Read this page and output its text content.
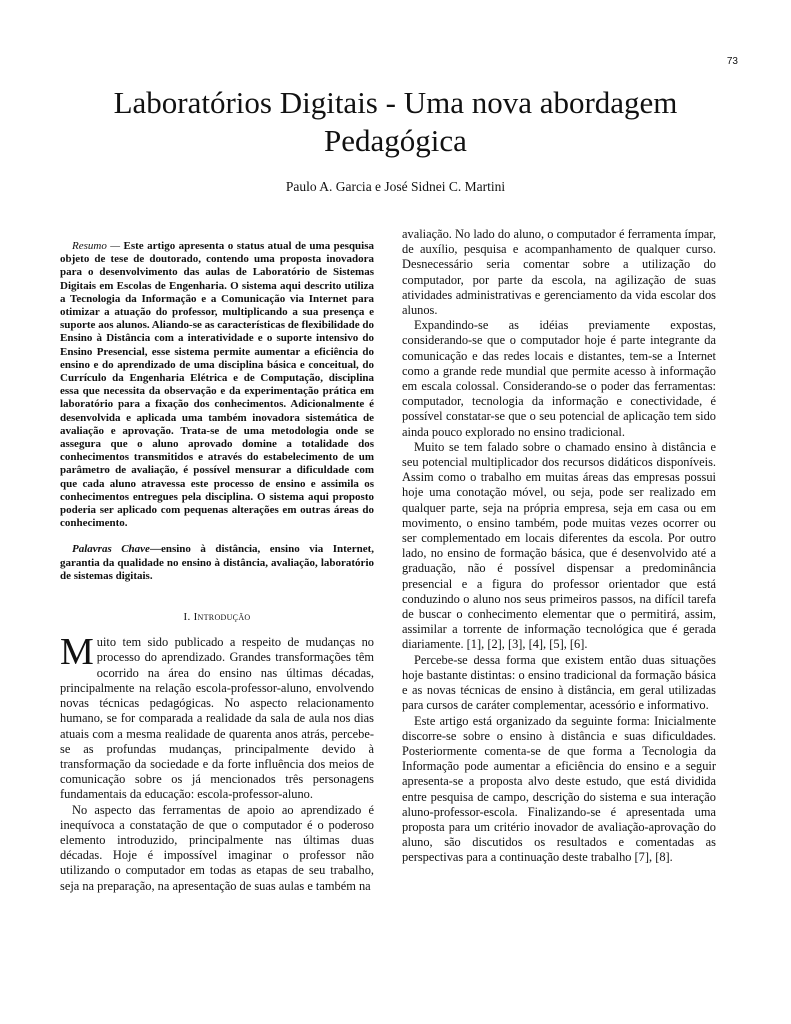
73
Laboratórios Digitais - Uma nova abordagem
Pedagógica
Paulo A. Garcia e José Sidnei C. Martini

Resumo — Este artigo apresenta o status atual de uma pesquisa objeto de tese de doutorado, contendo uma proposta inovadora para o desenvolvimento das aulas de Laboratório de Sistemas Digitais em Escolas de Engenharia. O sistema aqui descrito utiliza a Tecnologia da Informação e a Comunicação via Internet para otimizar a atuação do professor, multiplicando a sua presença e suporte aos alunos. Aliando-se as características de flexibilidade do Ensino à Distância com a interatividade e o suporte intensivo do Ensino Presencial, esse sistema permite aumentar a eficiência do ensino e do aprendizado de uma disciplina básica e conceitual, do Currículo da Engenharia Elétrica e de Computação, disciplina essa que necessita da observação e da experimentação prática em laboratório para a fixação dos conhecimentos. Adicionalmente é desenvolvida e aplicada uma também inovadora sistemática de avaliação e aprovação. Trata-se de uma metodologia onde se assegura que o aluno aprovado domine a totalidade dos conhecimentos transmitidos e através do estabelecimento de um parâmetro de avaliação, é possível mensurar a dificuldade com que cada aluno atravessa este processo de ensino e assimila os conhecimentos entregues pela disciplina. O sistema aqui proposto poderia ser aplicado com pequenas alterações em outras áreas do conhecimento.

Palavras Chave—ensino à distância, ensino via Internet, garantia da qualidade no ensino à distância, avaliação, laboratório de sistemas digitais.

I. Introdução

Muito tem sido publicado a respeito de mudanças no processo do aprendizado. Grandes transformações têm ocorrido na área do ensino nas últimas décadas, principalmente na relação escola-professor-aluno, envolvendo novas técnicas pedagógicas. No aspecto relacionamento humano, se for comparada a realidade da sala de aula nos dias atuais com a mesma realidade de quarenta anos atrás, percebe-se as profundas mudanças, principalmente devido à transformação da sociedade e da forte influência dos meios de comunicação sobre os já mencionados três personagens fundamentais da educação: escola-professor-aluno.

No aspecto das ferramentas de apoio ao aprendizado é inequívoca a constatação de que o computador é o poderoso elemento introduzido, principalmente nas últimas duas décadas. Hoje é impossível imaginar o professor não utilizando o computador em todas as etapas de seu trabalho, seja na preparação, na apresentação de suas aulas e também na

avaliação. No lado do aluno, o computador é ferramenta ímpar, de auxílio, pesquisa e acompanhamento de qualquer curso. Desnecessário seria comentar sobre a utilização do computador, por parte da escola, na agilização de suas atividades administrativas e gerenciamento da vida escolar dos alunos.

Expandindo-se as idéias previamente expostas, considerando-se que o computador hoje é parte integrante da comunicação e das redes locais e distantes, tem-se a Internet como a grande rede mundial que permite acesso à informação em escala colossal. Considerando-se o poder das ferramentas: computador, tecnologia da informação e conectividade, é possível constatar-se que o seu potencial de aplicação tem sido ainda pouco explorado no ensino tradicional.

Muito se tem falado sobre o chamado ensino à distância e seu potencial multiplicador dos recursos didáticos disponíveis. Assim como o trabalho em muitas áreas das empresas possui hoje uma conotação móvel, ou seja, pode ser realizado em qualquer parte, seja na própria empresa, seja em casa ou em movimento, o ensino também, pode muitas vezes ocorrer ou ser complementado em locais diferentes da escola. Por outro lado, no ensino de formação básica, que é desenvolvido até a graduação, não é possível dispensar a predominância presencial e a figura do professor orientador que está conduzindo o aluno nos seus primeiros passos, na difícil tarefa de buscar o conhecimento elementar que o permitirá, assim, assimilar a torrente de informação tecnológica que é gerada diariamente. [1], [2], [3], [4], [5], [6].

Percebe-se dessa forma que existem então duas situações hoje bastante distintas: o ensino tradicional da formação básica e as novas técnicas de ensino à distância, em geral utilizadas para cursos de caráter complementar, acessório e informativo.

Este artigo está organizado da seguinte forma: Inicialmente discorre-se sobre o ensino à distância e suas dificuldades. Posteriormente comenta-se de que forma a Tecnologia da Informação pode aumentar a eficiência do ensino e a seguir apresenta-se a proposta alvo deste estudo, que está dividida entre pesquisa de campo, descrição do sistema e sua interação aluno-professor-escola. Finalizando-se é apresentada uma proposta para um critério inovador de avaliação-aprovação do aluno, são discutidos os resultados e comentadas as perspectivas para a continuação deste trabalho [7], [8].
